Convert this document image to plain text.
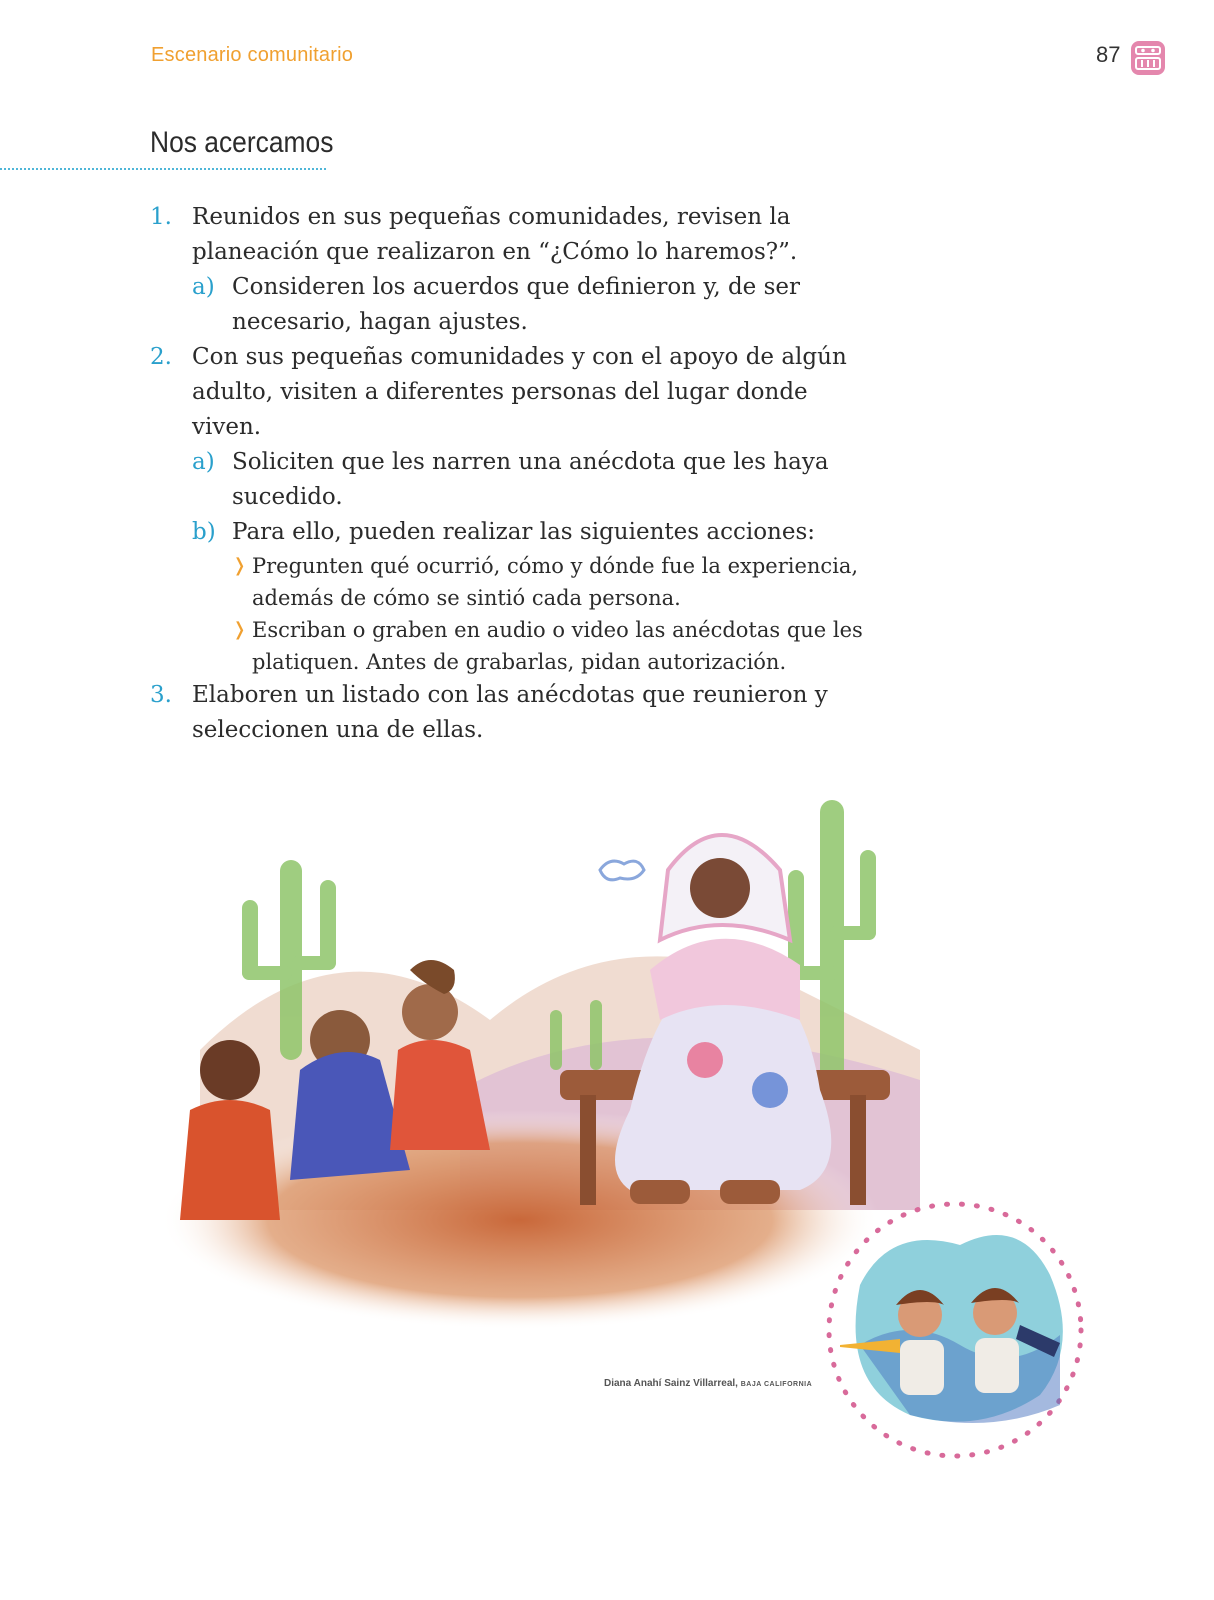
Escenario comunitario	87
Nos acercamos
1. Reunidos en sus pequeñas comunidades, revisen la planeación que realizaron en “¿Cómo lo haremos?”.
a) Consideren los acuerdos que definieron y, de ser necesario, hagan ajustes.
2. Con sus pequeñas comunidades y con el apoyo de algún adulto, visiten a diferentes personas del lugar donde viven.
a) Soliciten que les narren una anécdota que les haya sucedido.
b) Para ello, pueden realizar las siguientes acciones:
❭ Pregunten qué ocurrió, cómo y dónde fue la experiencia, además de cómo se sintió cada persona.
❭ Escriban o graben en audio o video las anécdotas que les platiquen. Antes de grabarlas, pidan autorización.
3. Elaboren un listado con las anécdotas que reunieron y seleccionen una de ellas.
Diana Anahí Sainz Villarreal, BAJA CALIFORNIA
